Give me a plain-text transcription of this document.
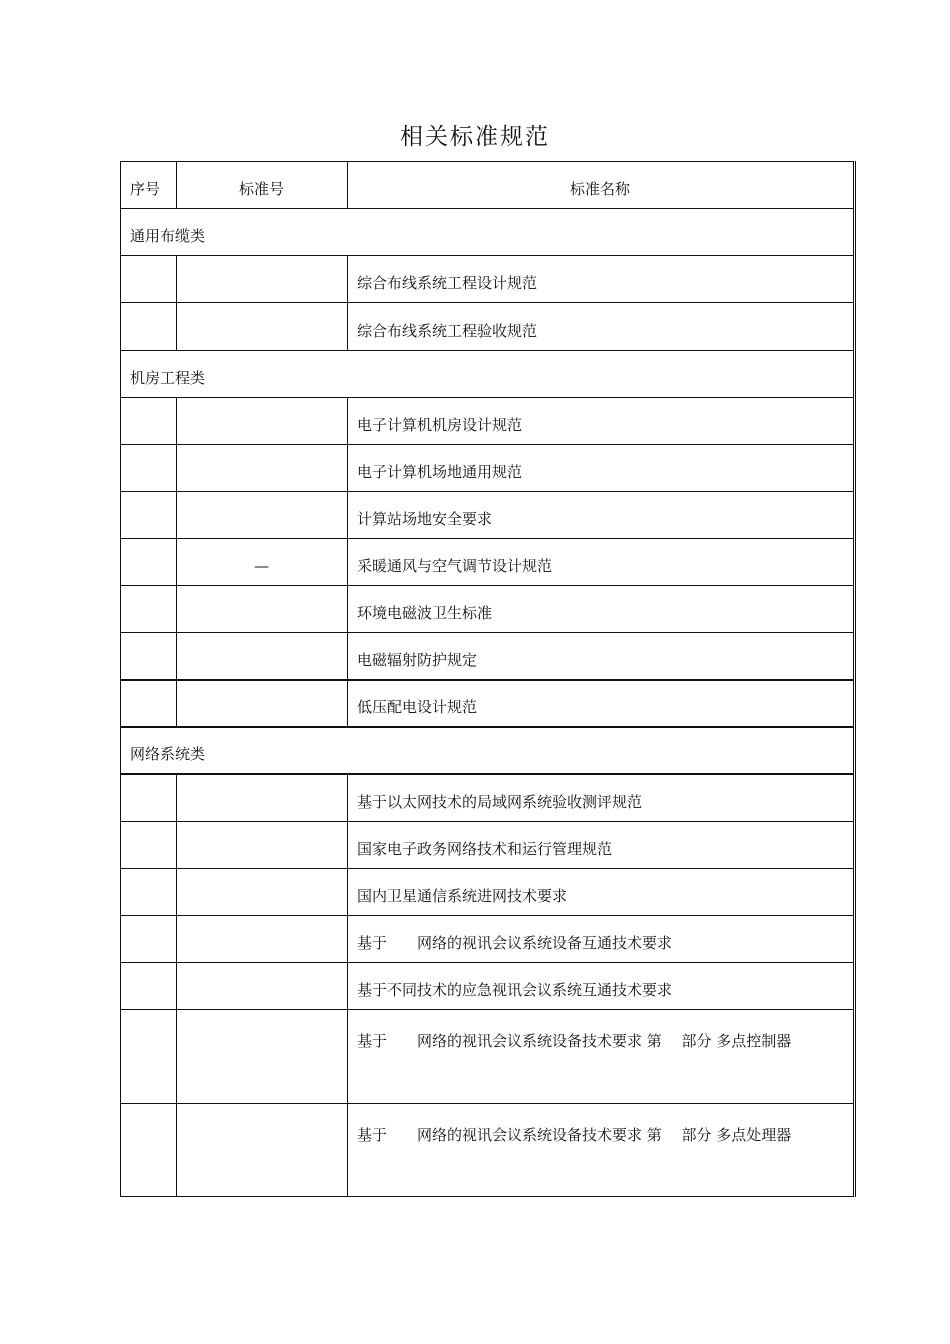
相关标准规范
序号	标准号	标准名称
通用布缆类		
		综合布线系统工程设计规范
		综合布线系统工程验收规范
机房工程类		
		电子计算机机房设计规范
		电子计算机场地通用规范
		计算站场地安全要求
	—	采暖通风与空气调节设计规范
		环境电磁波卫生标准
		电磁辐射防护规定
		低压配电设计规范
网络系统类		
		基于以太网技术的局域网系统验收测评规范
		国家电子政务网络技术和运行管理规范
		国内卫星通信系统进网技术要求
		基于　　网络的视讯会议系统设备互通技术要求
		基于不同技术的应急视讯会议系统互通技术要求
		基于　　网络的视讯会议系统设备技术要求 第　 部分 多点控制器
		基于　　网络的视讯会议系统设备技术要求 第　 部分 多点处理器
